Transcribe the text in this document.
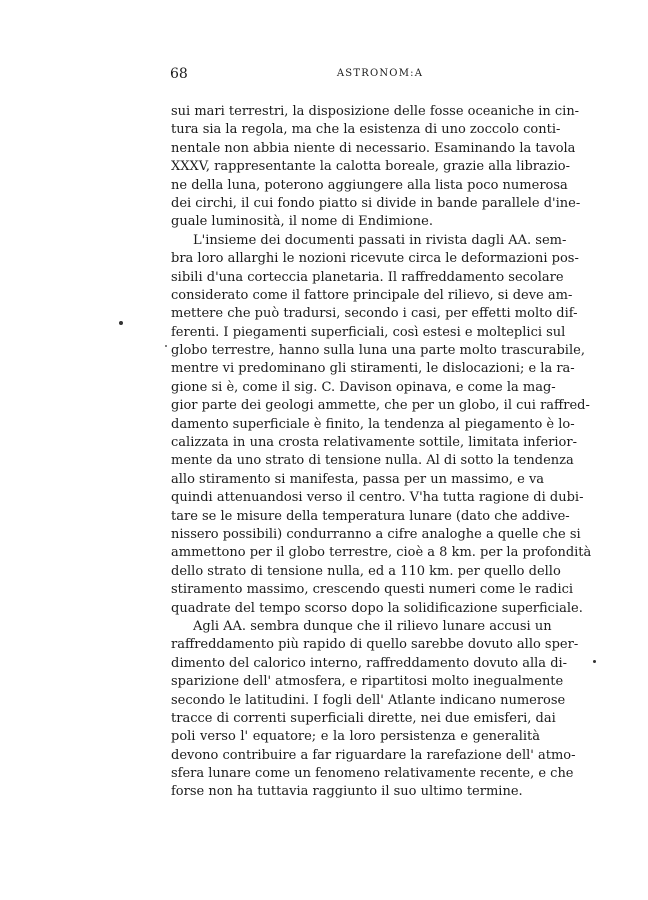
68	ASTRONOM:A
sui mari terrestri, la disposizione delle fosse oceaniche in cin-
tura sia la regola, ma che la esistenza di uno zoccolo conti-
nentale non abbia niente di necessario. Esaminando la tavola
XXXV, rappresentante la calotta boreale, grazie alla librazio-
ne della luna, poterono aggiungere alla lista poco numerosa
dei circhi, il cui fondo piatto si divide in bande parallele d'ine-
guale luminosità, il nome di Endimione.
L'insieme dei documenti passati in rivista dagli AA. sem-
bra loro allarghi le nozioni ricevute circa le deformazioni pos-
sibili d'una corteccia planetaria. Il raffreddamento secolare
considerato come il fattore principale del rilievo, si deve am-
mettere che può tradursi, secondo i casi, per effetti molto dif-
ferenti. I piegamenti superficiali, così estesi e molteplici sul
globo terrestre, hanno sulla luna una parte molto trascurabile,
mentre vi predominano gli stiramenti, le dislocazioni; e la ra-
gione si è, come il sig. C. Davison opinava, e come la mag-
gior parte dei geologi ammette, che per un globo, il cui raffred-
damento superficiale è finito, la tendenza al piegamento è lo-
calizzata in una crosta relativamente sottile, limitata inferior-
mente da uno strato di tensione nulla. Al di sotto la tendenza
allo stiramento si manifesta, passa per un massimo, e va
quindi attenuandosi verso il centro. V'ha tutta ragione di dubi-
tare se le misure della temperatura lunare (dato che addive-
nissero possibili) condurranno a cifre analoghe a quelle che si
ammettono per il globo terrestre, cioè a 8 km. per la profondità
dello strato di tensione nulla, ed a 110 km. per quello dello
stiramento massimo, crescendo questi numeri come le radici
quadrate del tempo scorso dopo la solidificazione superficiale.
Agli AA. sembra dunque che il rilievo lunare accusi un
raffreddamento più rapido di quello sarebbe dovuto allo sper-
dimento del calorico interno, raffreddamento dovuto alla di-
sparizione dell' atmosfera, e ripartitosi molto inegualmente
secondo le latitudini. I fogli dell' Atlante indicano numerose
tracce di correnti superficiali dirette, nei due emisferi, dai
poli verso l' equatore; e la loro persistenza e generalità
devono contribuire a far riguardare la rarefazione dell' atmo-
sfera lunare come un fenomeno relativamente recente, e che
forse non ha tuttavia raggiunto il suo ultimo termine.
